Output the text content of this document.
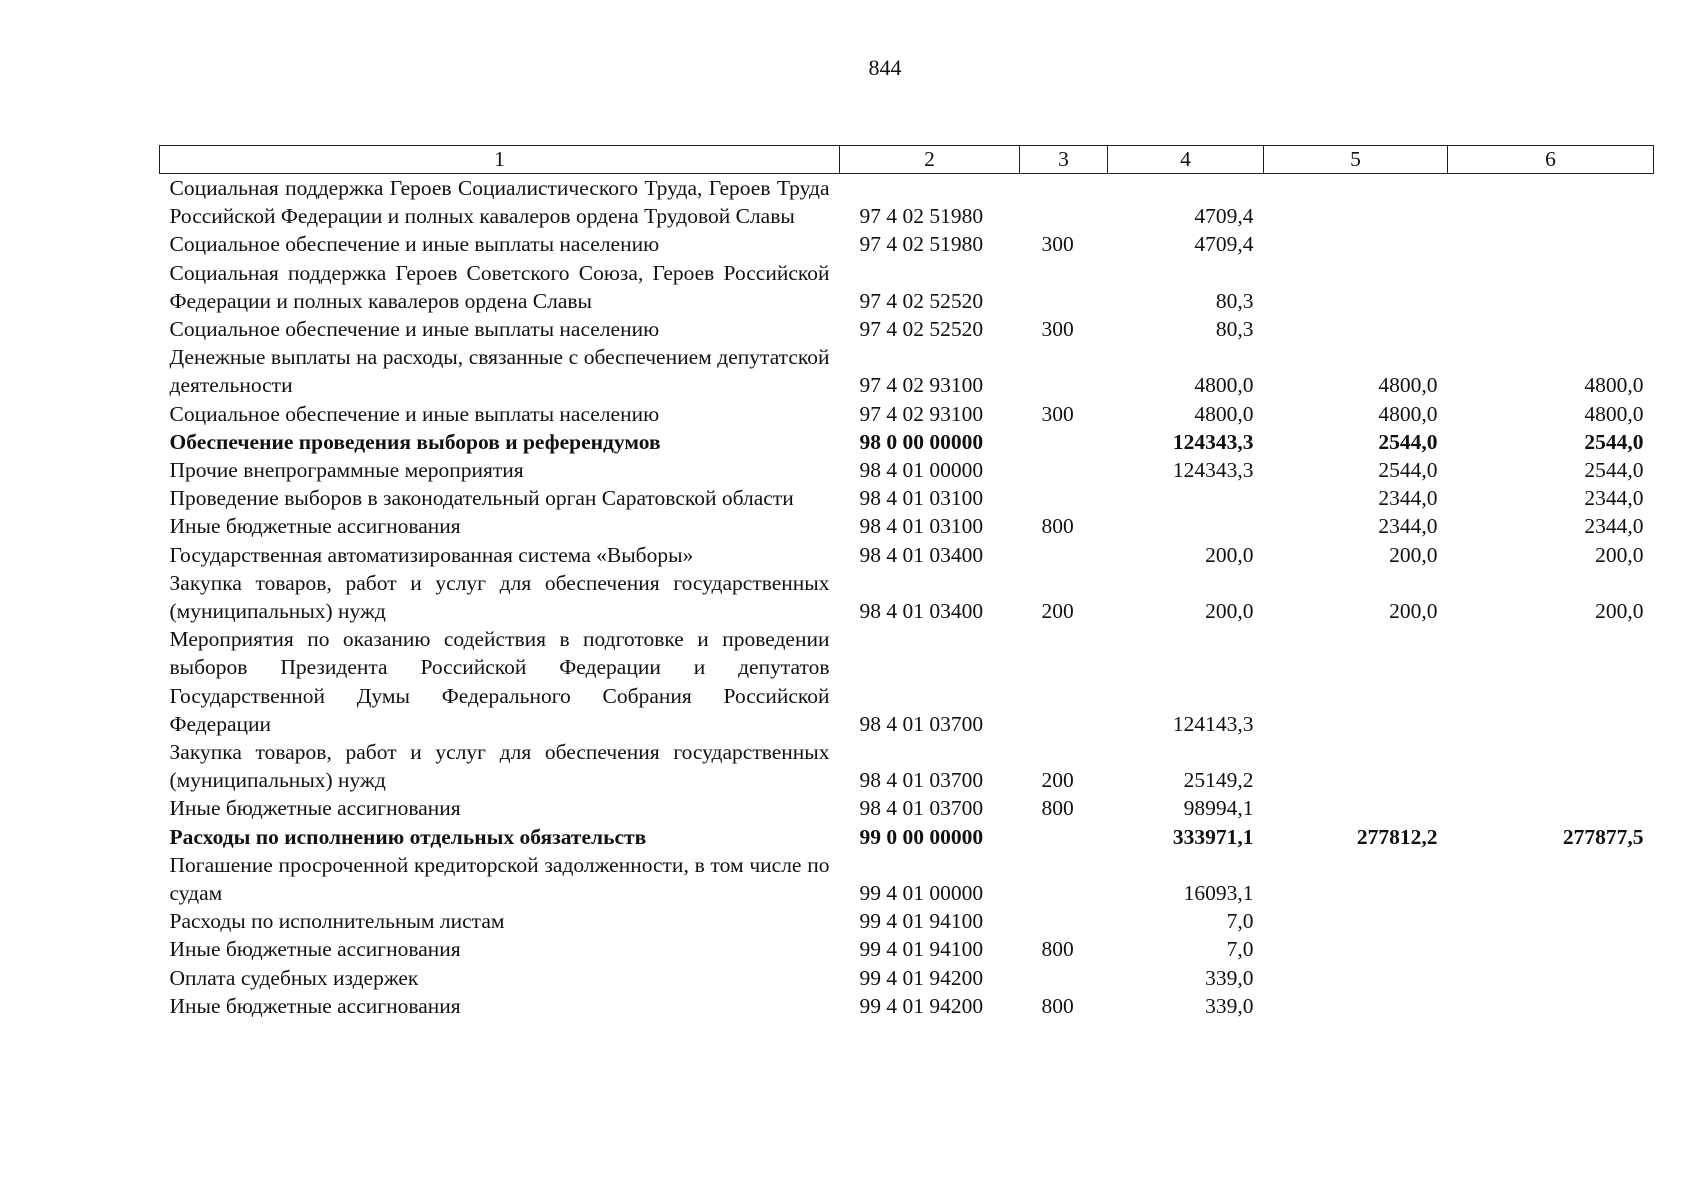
844
1	2	3	4	5	6
Социальная поддержка Героев Социалистического Труда, Героев Труда Российской Федерации и полных кавалеров ордена Трудовой Славы	97 4 02 51980		4709,4		
Социальное обеспечение и иные выплаты населению	97 4 02 51980	300	4709,4		
Социальная поддержка Героев Советского Союза, Героев Российской Федерации и полных кавалеров ордена Славы	97 4 02 52520		80,3		
Социальное обеспечение и иные выплаты населению	97 4 02 52520	300	80,3		
Денежные выплаты на расходы, связанные с обеспечением депутатской деятельности	97 4 02 93100		4800,0	4800,0	4800,0
Социальное обеспечение и иные выплаты населению	97 4 02 93100	300	4800,0	4800,0	4800,0
Обеспечение проведения выборов и референдумов	98 0 00 00000		124343,3	2544,0	2544,0
Прочие внепрограммные мероприятия	98 4 01 00000		124343,3	2544,0	2544,0
Проведение выборов в законодательный орган Саратовской области	98 4 01 03100			2344,0	2344,0
Иные бюджетные ассигнования	98 4 01 03100	800		2344,0	2344,0
Государственная автоматизированная система «Выборы»	98 4 01 03400		200,0	200,0	200,0
Закупка товаров, работ и услуг для обеспечения государственных (муниципальных) нужд	98 4 01 03400	200	200,0	200,0	200,0
Мероприятия по оказанию содействия в подготовке и проведении выборов Президента Российской Федерации и депутатов Государственной Думы Федерального Собрания Российской Федерации	98 4 01 03700		124143,3		
Закупка товаров, работ и услуг для обеспечения государственных (муниципальных) нужд	98 4 01 03700	200	25149,2		
Иные бюджетные ассигнования	98 4 01 03700	800	98994,1		
Расходы по исполнению отдельных обязательств	99 0 00 00000		333971,1	277812,2	277877,5
Погашение просроченной кредиторской задолженности, в том числе по судам	99 4 01 00000		16093,1		
Расходы по исполнительным листам	99 4 01 94100		7,0		
Иные бюджетные ассигнования	99 4 01 94100	800	7,0		
Оплата судебных издержек	99 4 01 94200		339,0		
Иные бюджетные ассигнования	99 4 01 94200	800	339,0		
